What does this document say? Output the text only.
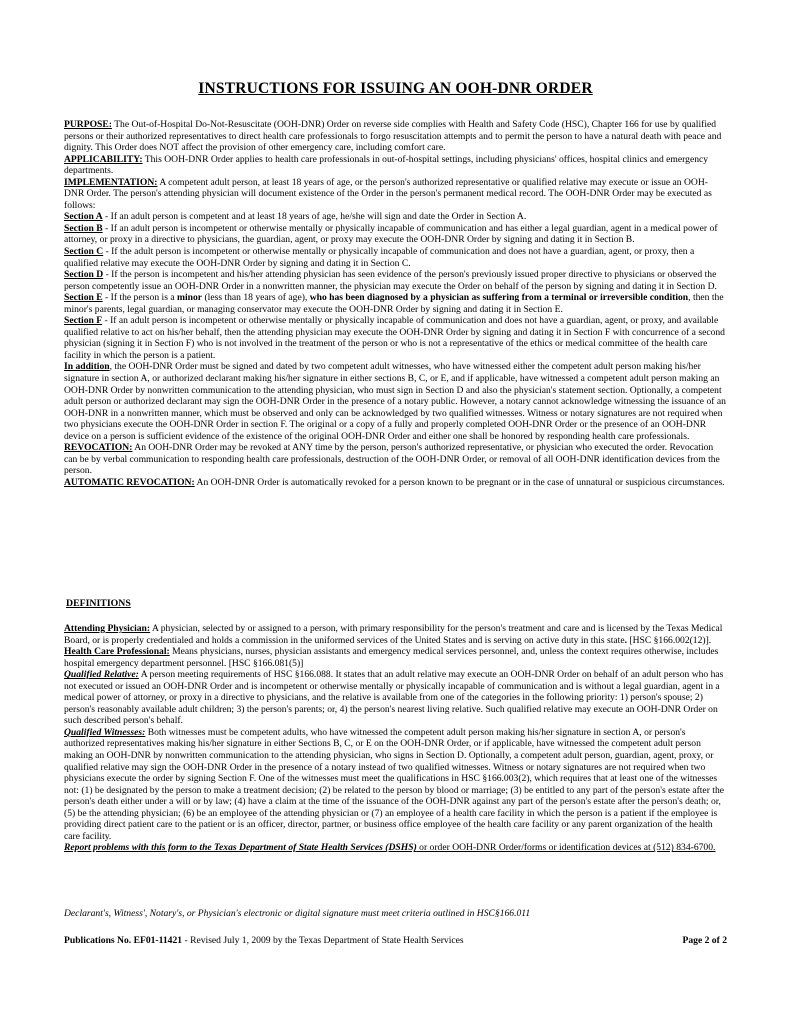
INSTRUCTIONS FOR ISSUING AN OOH-DNR ORDER

PURPOSE: The Out-of-Hospital Do-Not-Resuscitate (OOH-DNR) Order on reverse side complies with Health and Safety Code (HSC), Chapter 166 for use by qualified persons or their authorized representatives to direct health care professionals to forgo resuscitation attempts and to permit the person to have a natural death with peace and dignity. This Order does NOT affect the provision of other emergency care, including comfort care.

APPLICABILITY: This OOH-DNR Order applies to health care professionals in out-of-hospital settings, including physicians' offices, hospital clinics and emergency departments.

IMPLEMENTATION: A competent adult person, at least 18 years of age, or the person's authorized representative or qualified relative may execute or issue an OOH-DNR Order. The person's attending physician will document existence of the Order in the person's permanent medical record. The OOH-DNR Order may be executed as follows:

Section A - If an adult person is competent and at least 18 years of age, he/she will sign and date the Order in Section A.

Section B - If an adult person is incompetent or otherwise mentally or physically incapable of communication and has either a legal guardian, agent in a medical power of attorney, or proxy in a directive to physicians, the guardian, agent, or proxy may execute the OOH-DNR Order by signing and dating it in Section B.

Section C - If the adult person is incompetent or otherwise mentally or physically incapable of communication and does not have a guardian, agent, or proxy, then a qualified relative may execute the OOH-DNR Order by signing and dating it in Section C.

Section D - If the person is incompetent and his/her attending physician has seen evidence of the person's previously issued proper directive to physicians or observed the person competently issue an OOH-DNR Order in a nonwritten manner, the physician may execute the Order on behalf of the person by signing and dating it in Section D.

Section E - If the person is a minor (less than 18 years of age), who has been diagnosed by a physician as suffering from a terminal or irreversible condition, then the minor's parents, legal guardian, or managing conservator may execute the OOH-DNR Order by signing and dating it in Section E.

Section F - If an adult person is incompetent or otherwise mentally or physically incapable of communication and does not have a guardian, agent, or proxy, and available qualified relative to act on his/her behalf, then the attending physician may execute the OOH-DNR Order by signing and dating it in Section F with concurrence of a second physician (signing it in Section F) who is not involved in the treatment of the person or who is not a representative of the ethics or medical committee of the health care facility in which the person is a patient.

In addition, the OOH-DNR Order must be signed and dated by two competent adult witnesses, who have witnessed either the competent adult person making his/her signature in section A, or authorized declarant making his/her signature in either sections B, C, or E, and if applicable, have witnessed a competent adult person making an OOH-DNR Order by nonwritten communication to the attending physician, who must sign in Section D and also the physician's statement section. Optionally, a competent adult person or authorized declarant may sign the OOH-DNR Order in the presence of a notary public. However, a notary cannot acknowledge witnessing the issuance of an OOH-DNR in a nonwritten manner, which must be observed and only can be acknowledged by two qualified witnesses. Witness or notary signatures are not required when two physicians execute the OOH-DNR Order in section F. The original or a copy of a fully and properly completed OOH-DNR Order or the presence of an OOH-DNR device on a person is sufficient evidence of the existence of the original OOH-DNR Order and either one shall be honored by responding health care professionals.

REVOCATION: An OOH-DNR Order may be revoked at ANY time by the person, person's authorized representative, or physician who executed the order. Revocation can be by verbal communication to responding health care professionals, destruction of the OOH-DNR Order, or removal of all OOH-DNR identification devices from the person.

AUTOMATIC REVOCATION: An OOH-DNR Order is automatically revoked for a person known to be pregnant or in the case of unnatural or suspicious circumstances.

DEFINITIONS

Attending Physician: A physician, selected by or assigned to a person, with primary responsibility for the person's treatment and care and is licensed by the Texas Medical Board, or is properly credentialed and holds a commission in the uniformed services of the United States and is serving on active duty in this state. [HSC §166.002(12)].

Health Care Professional: Means physicians, nurses, physician assistants and emergency medical services personnel, and, unless the context requires otherwise, includes hospital emergency department personnel. [HSC §166.081(5)]

Qualified Relative: A person meeting requirements of HSC §166.088. It states that an adult relative may execute an OOH-DNR Order on behalf of an adult person who has not executed or issued an OOH-DNR Order and is incompetent or otherwise mentally or physically incapable of communication and is without a legal guardian, agent in a medical power of attorney, or proxy in a directive to physicians, and the relative is available from one of the categories in the following priority: 1) person's spouse; 2) person's reasonably available adult children; 3) the person's parents; or, 4) the person's nearest living relative. Such qualified relative may execute an OOH-DNR Order on such described person's behalf.

Qualified Witnesses: Both witnesses must be competent adults, who have witnessed the competent adult person making his/her signature in section A, or person's authorized representatives making his/her signature in either Sections B, C, or E on the OOH-DNR Order, or if applicable, have witnessed the competent adult person making an OOH-DNR by nonwritten communication to the attending physician, who signs in Section D. Optionally, a competent adult person, guardian, agent, proxy, or qualified relative may sign the OOH-DNR Order in the presence of a notary instead of two qualified witnesses. Witness or notary signatures are not required when two physicians execute the order by signing Section F. One of the witnesses must meet the qualifications in HSC §166.003(2), which requires that at least one of the witnesses not: (1) be designated by the person to make a treatment decision; (2) be related to the person by blood or marriage; (3) be entitled to any part of the person's estate after the person's death either under a will or by law; (4) have a claim at the time of the issuance of the OOH-DNR against any part of the person's estate after the person's death; or, (5) be the attending physician; (6) be an employee of the attending physician or (7) an employee of a health care facility in which the person is a patient if the employee is providing direct patient care to the patient or is an officer, director, partner, or business office employee of the health care facility or any parent organization of the health care facility.

Report problems with this form to the Texas Department of State Health Services (DSHS) or order OOH-DNR Order/forms or identification devices at (512) 834-6700.

Declarant's, Witness', Notary's, or Physician's electronic or digital signature must meet criteria outlined in HSC§166.011
Publications No. EF01-11421 - Revised July 1, 2009 by the Texas Department of State Health Services	Page 2 of 2
